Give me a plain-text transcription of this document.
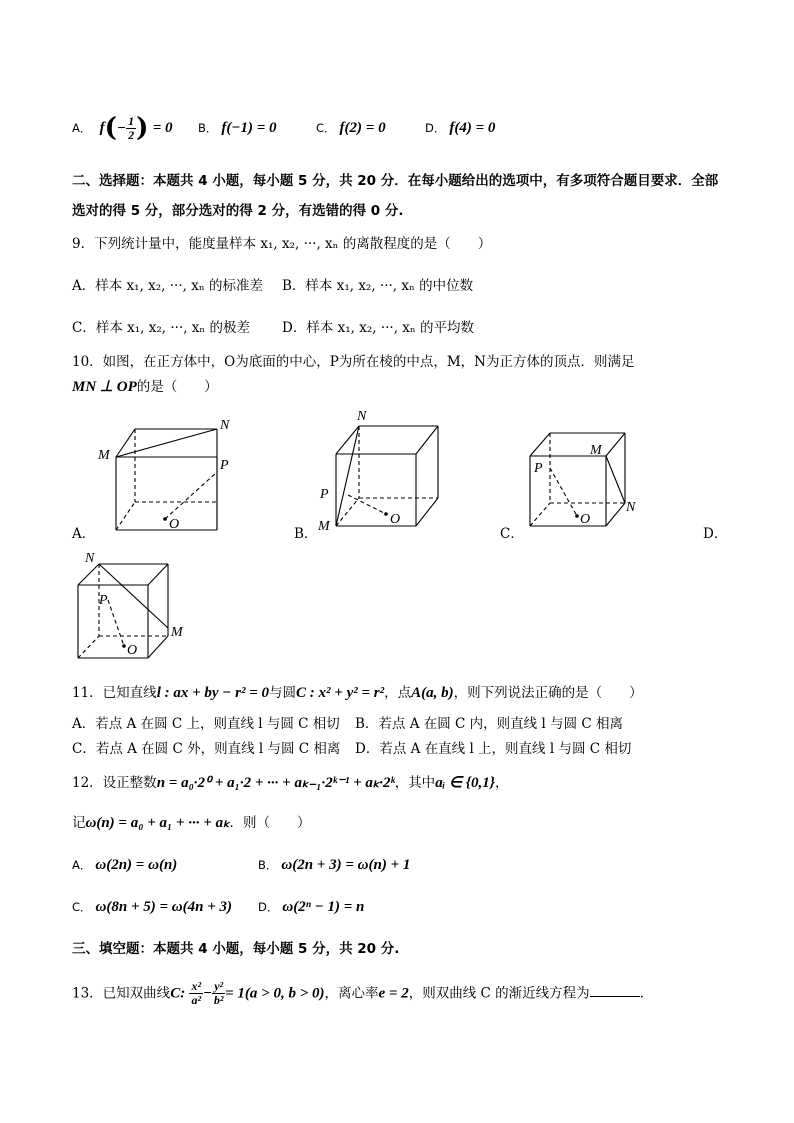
A． $f(- \frac{1}{2}$ ) = 0 B． f(−1) = 0	C． f(2) = 0	D． f(4) = 0
二、选择题：本题共 4 小题，每小题 5 分，共 20 分．在每小题给出的选项中，有多项符合题目要求．全部
选对的得 5 分，部分选对的得 2 分，有选错的得 0 分.
9．下列统计量中，能度量样本 x₁, x₂, ···, xₙ 的离散程度的是（　　）
A．样本 x₁, x₂, ···, xₙ 的标准差 B．样本 x₁, x₂, ···, xₙ 的中位数
C．样本 x₁, x₂, ···, xₙ 的极差 D．样本 x₁, x₂, ···, xₙ 的平均数
10．如图，在正方体中，O为底面的中心，P为所在棱的中点，M，N为正方体的顶点．则满足
MN ⊥ OP的是（　　）
A．
M
N
P
O
B．
N
P
M	O
C．
M
P
N
O
D．
N
P
M
O
11．已知直线l : ax + by − r² = 0与圆C : x² + y² = r²，点A(a, b)，则下列说法正确的是（　　）
A．若点 A 在圆 C 上，则直线 l 与圆 C 相切 B．若点 A 在圆 C 内，则直线 l 与圆 C 相离
C．若点 A 在圆 C 外，则直线 l 与圆 C 相离 D．若点 A 在直线 l 上，则直线 l 与圆 C 相切
12．设正整数n = a₀·2⁰ + a₁·2 + ··· + aₖ₋₁·2ᵏ⁻¹ + aₖ·2ᵏ，其中aᵢ ∈ {0,1}，
记ω(n) = a₀ + a₁ + ··· + aₖ．则（　　）
A． ω(2n) = ω(n)	B． ω(2n + 3) = ω(n) + 1
C． ω(8n + 5) = ω(4n + 3) D． ω(2ⁿ − 1) = n
三、填空题：本题共 4 小题，每小题 5 分，共 20 分.
13．已知双曲线C: $\frac{\text{x²}}{\text{a²}} - \frac{\text{y²}}{\text{b²}} = 1(a > 0$, b > 0)，离心率e = 2，则双曲线 C 的渐近线方程为	.
